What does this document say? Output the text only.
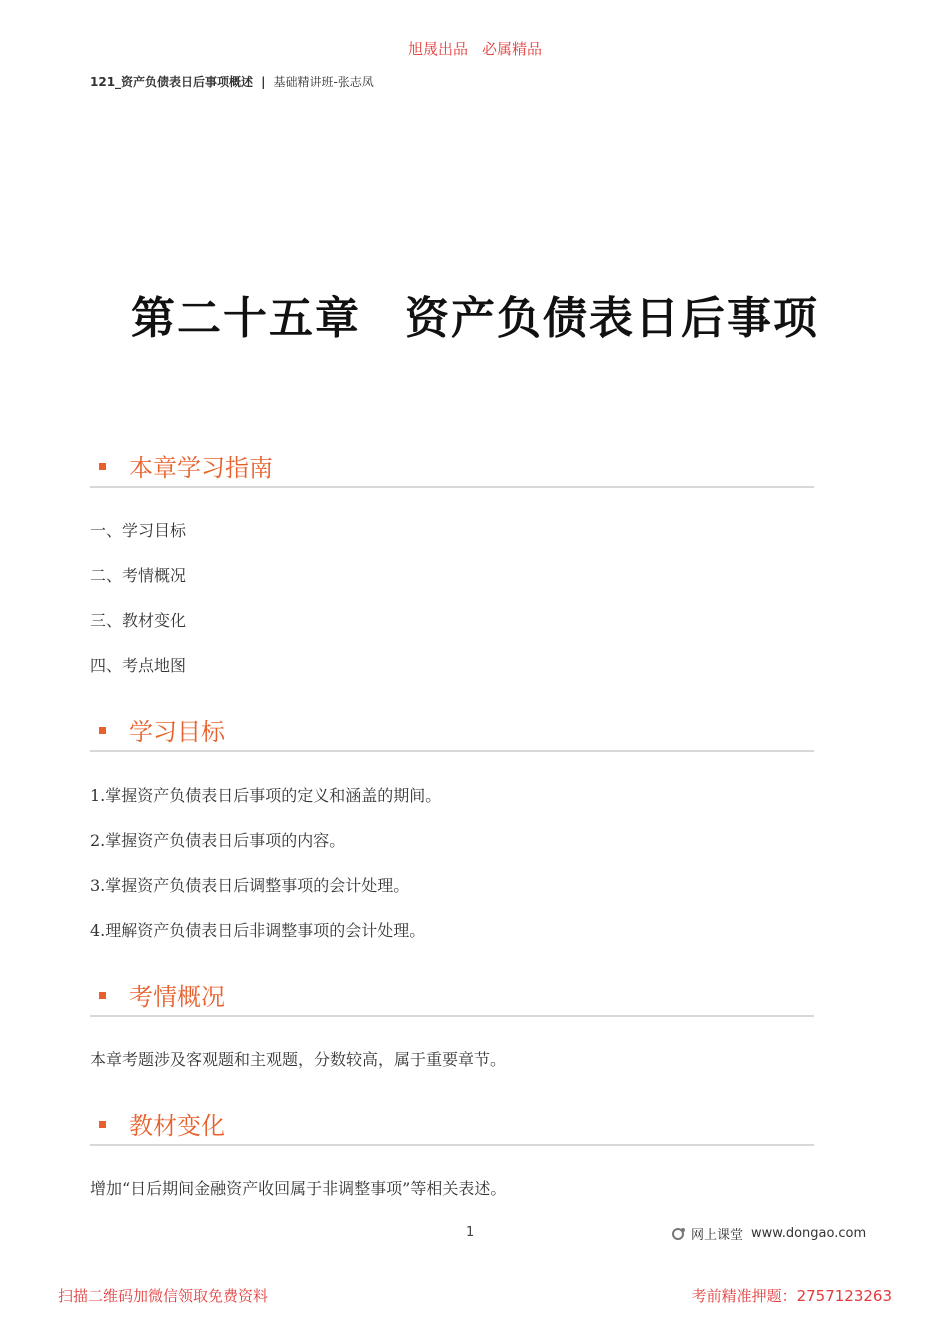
旭晟出品 必属精品
121_资产负债表日后事项概述 | 基础精讲班-张志凤
第二十五章 资产负债表日后事项
本章学习指南
一、学习目标
二、考情概况
三、教材变化
四、考点地图
学习目标
1.掌握资产负债表日后事项的定义和涵盖的期间。
2.掌握资产负债表日后事项的内容。
3.掌握资产负债表日后调整事项的会计处理。
4.理解资产负债表日后非调整事项的会计处理。
考情概况
本章考题涉及客观题和主观题，分数较高，属于重要章节。
教材变化
增加“日后期间金融资产收回属于非调整事项”等相关表述。
1	网上课堂 www.dongao.com
扫描二维码加微信领取免费资料	考前精准押题：2757123263
